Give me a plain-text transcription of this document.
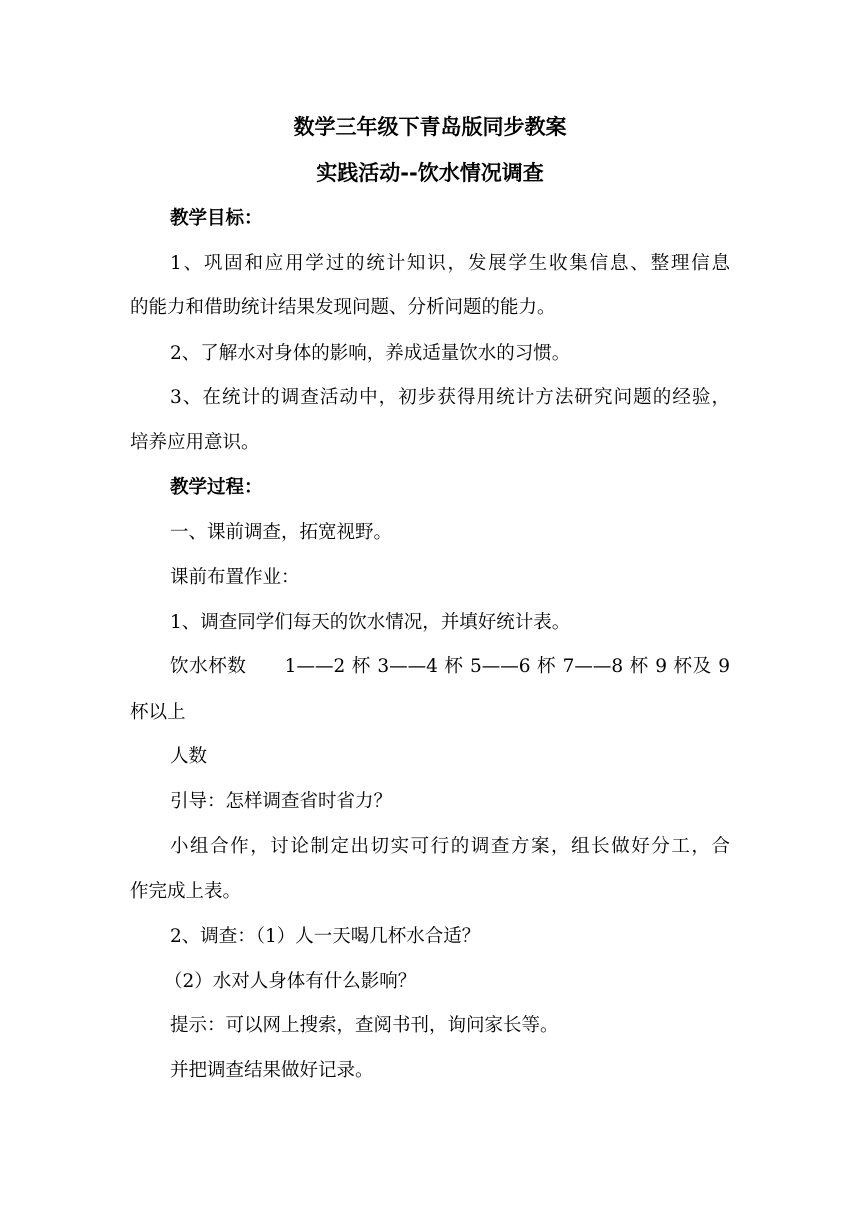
数学三年级下青岛版同步教案
实践活动--饮水情况调查
教学目标：
1、巩固和应用学过的统计知识，发展学生收集信息、整理信息
的能力和借助统计结果发现问题、分析问题的能力。
2、了解水对身体的影响，养成适量饮水的习惯。
3、在统计的调查活动中，初步获得用统计方法研究问题的经验，
培养应用意识。
教学过程：
一、课前调查，拓宽视野。
课前布置作业：
1、调查同学们每天的饮水情况，并填好统计表。
饮水杯数　　1——2 杯 3——4 杯 5——6 杯 7——8 杯 9 杯及 9
杯以上
人数
引导：怎样调查省时省力？
小组合作，讨论制定出切实可行的调查方案，组长做好分工，合
作完成上表。
2、调查：（1）人一天喝几杯水合适？
（2）水对人身体有什么影响？
提示：可以网上搜索，查阅书刊，询问家长等。
并把调查结果做好记录。
